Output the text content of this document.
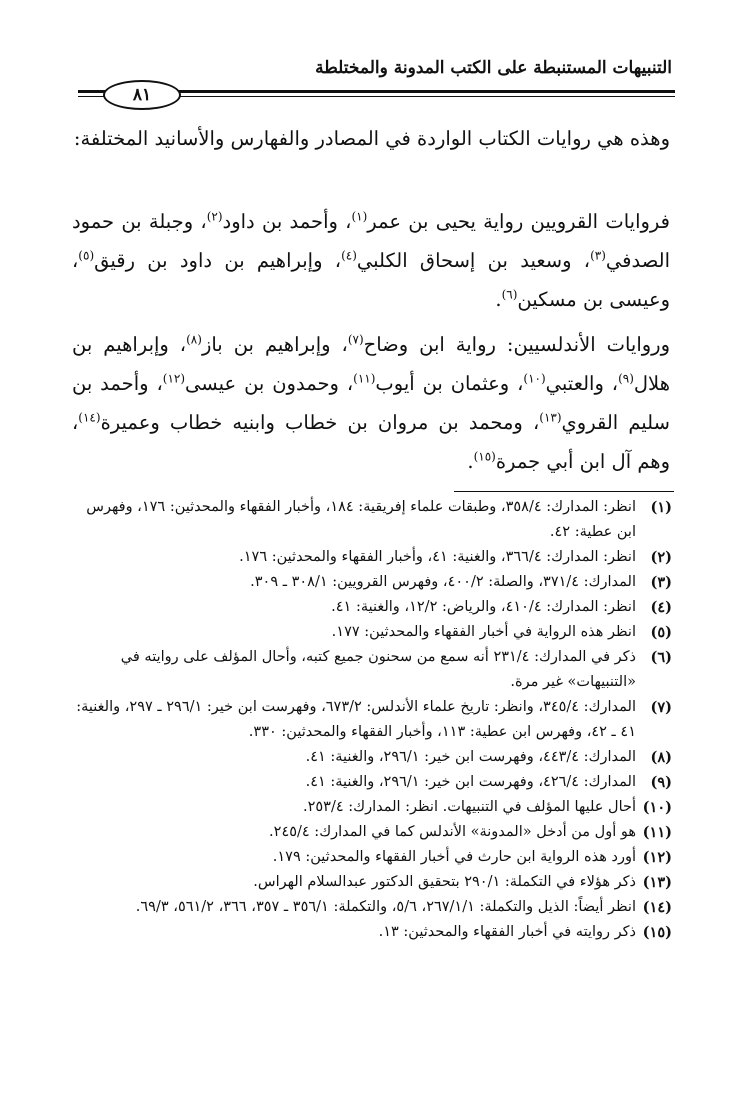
التنبيهات المستنبطة على الكتب المدونة والمختلطة
٨١

وهذه هي روايات الكتاب الواردة في المصادر والفهارس والأسانيد المختلفة:

فروايات القرويين رواية يحيى بن عمر$^{(١)}$، وأحمد بن داود$^{(٢)}$، وجبلة بن حمود الصدفي$^{(٣)}$، وسعيد بن إسحاق الكلبي$^{(٤)}$، وإبراهيم بن داود بن رقيق$^{(٥)}$، وعيسى بن مسكين$^{(٦)}$.

وروايات الأندلسيين: رواية ابن وضاح$^{(٧)}$، وإبراهيم بن باز$^{(٨)}$، وإبراهيم بن هلال$^{(٩)}$، والعتبي$^{(١٠)}$، وعثمان بن أيوب$^{(١١)}$، وحمدون بن عيسى$^{(١٢)}$، وأحمد بن سليم القروي$^{(١٣)}$، ومحمد بن مروان بن خطاب وابنيه خطاب وعميرة$^{(١٤)}$، وهم آل ابن أبي جمرة$^{(١٥)}$.

(١)
انظر: المدارك: ٣٥٨/٤، وطبقات علماء إفريقية: ١٨٤، وأخبار الفقهاء والمحدثين: ١٧٦، وفهرس ابن عطية: ٤٢.
(٢)
انظر: المدارك: ٣٦٦/٤، والغنية: ٤١، وأخبار الفقهاء والمحدثين: ١٧٦.
(٣)
المدارك: ٣٧١/٤، والصلة: ٤٠٠/٢، وفهرس القرويين: ٣٠٨/١ ـ ٣٠٩.
(٤)
انظر: المدارك: ٤١٠/٤، والرياض: ١٢/٢، والغنية: ٤١.
(٥)
انظر هذه الرواية في أخبار الفقهاء والمحدثين: ١٧٧.
(٦)
ذكر في المدارك: ٢٣١/٤ أنه سمع من سحنون جميع كتبه، وأحال المؤلف على روايته في «التنبيهات» غير مرة.
(٧)
المدارك: ٣٤٥/٤، وانظر: تاريخ علماء الأندلس: ٦٧٣/٢، وفهرست ابن خير: ٢٩٦/١ ـ ٢٩٧، والغنية: ٤١ ـ ٤٢، وفهرس ابن عطية: ١١٣، وأخبار الفقهاء والمحدثين: ٣٣٠.
(٨)
المدارك: ٤٤٣/٤، وفهرست ابن خير: ٢٩٦/١، والغنية: ٤١.
(٩)
المدارك: ٤٢٦/٤، وفهرست ابن خير: ٢٩٦/١، والغنية: ٤١.
(١٠)
أحال عليها المؤلف في التنبيهات. انظر: المدارك: ٢٥٣/٤.
(١١)
هو أول من أدخل «المدونة» الأندلس كما في المدارك: ٢٤٥/٤.
(١٢)
أورد هذه الرواية ابن حارث في أخبار الفقهاء والمحدثين: ١٧٩.
(١٣)
ذكر هؤلاء في التكملة: ٢٩٠/١ بتحقيق الدكتور عبدالسلام الهراس.
(١٤)
انظر أيضاً: الذيل والتكملة: ٢٦٧/١/١، ٥/٦، والتكملة: ٣٥٦/١ ـ ٣٥٧، ٣٦٦، ٥٦١/٢، ٦٩/٣.
(١٥)
ذكر روايته في أخبار الفقهاء والمحدثين: ١٣.
